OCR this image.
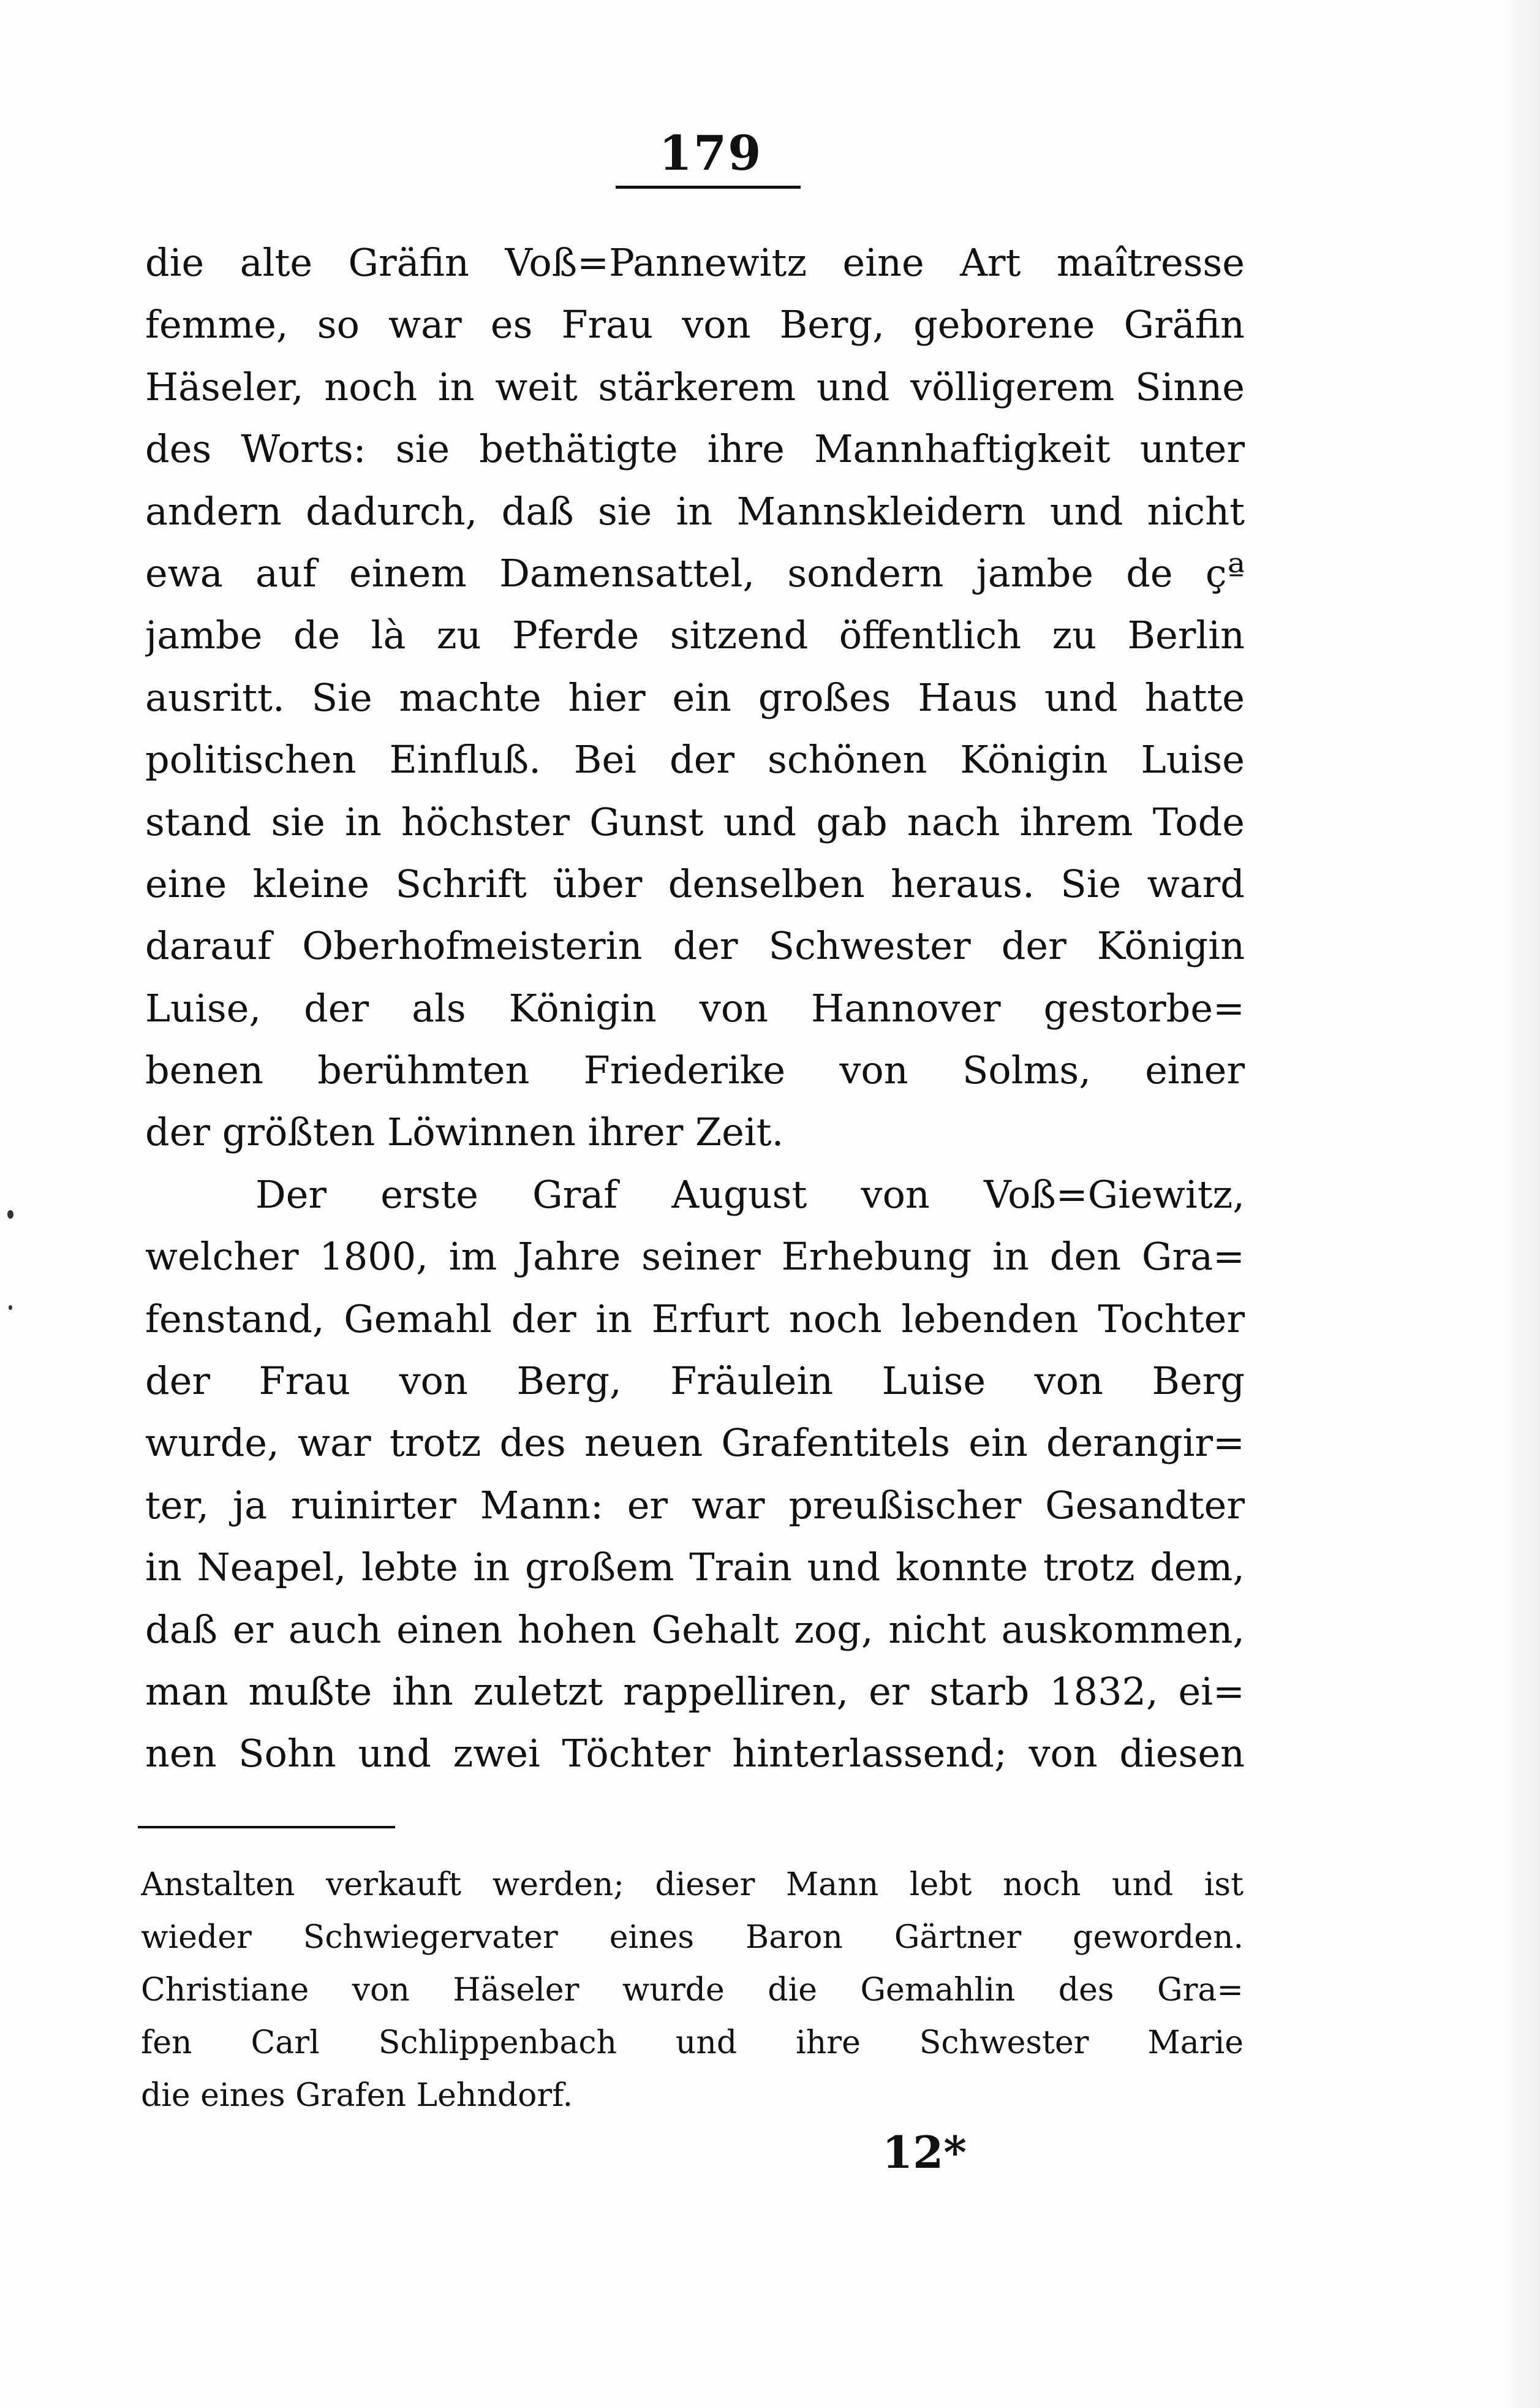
179
die alte Gräfin Voß=Pannewitz eine Art maîtresse
femme, so war es Frau von Berg, geborene Gräfin
Häseler, noch in weit stärkerem und völligerem Sinne
des Worts: sie bethätigte ihre Mannhaftigkeit unter
andern dadurch, daß sie in Mannskleidern und nicht
ewa auf einem Damensattel, sondern jambe de çª
jambe de là zu Pferde sitzend öffentlich zu Berlin
ausritt. Sie machte hier ein großes Haus und hatte
politischen Einfluß. Bei der schönen Königin Luise
stand sie in höchster Gunst und gab nach ihrem Tode
eine kleine Schrift über denselben heraus. Sie ward
darauf Oberhofmeisterin der Schwester der Königin
Luise, der als Königin von Hannover gestorbe=
benen berühmten Friederike von Solms, einer
der größten Löwinnen ihrer Zeit.
Der erste Graf August von Voß=Giewitz,
welcher 1800, im Jahre seiner Erhebung in den Gra=
fenstand, Gemahl der in Erfurt noch lebenden Tochter
der Frau von Berg, Fräulein Luise von Berg
wurde, war trotz des neuen Grafentitels ein derangir=
ter, ja ruinirter Mann: er war preußischer Gesandter
in Neapel, lebte in großem Train und konnte trotz dem,
daß er auch einen hohen Gehalt zog, nicht auskommen,
man mußte ihn zuletzt rappelliren, er starb 1832, ei=
nen Sohn und zwei Töchter hinterlassend; von diesen
Anstalten verkauft werden; dieser Mann lebt noch und ist
wieder Schwiegervater eines Baron Gärtner geworden.
Christiane von Häseler wurde die Gemahlin des Gra=
fen Carl Schlippenbach und ihre Schwester Marie
die eines Grafen Lehndorf.
12*
